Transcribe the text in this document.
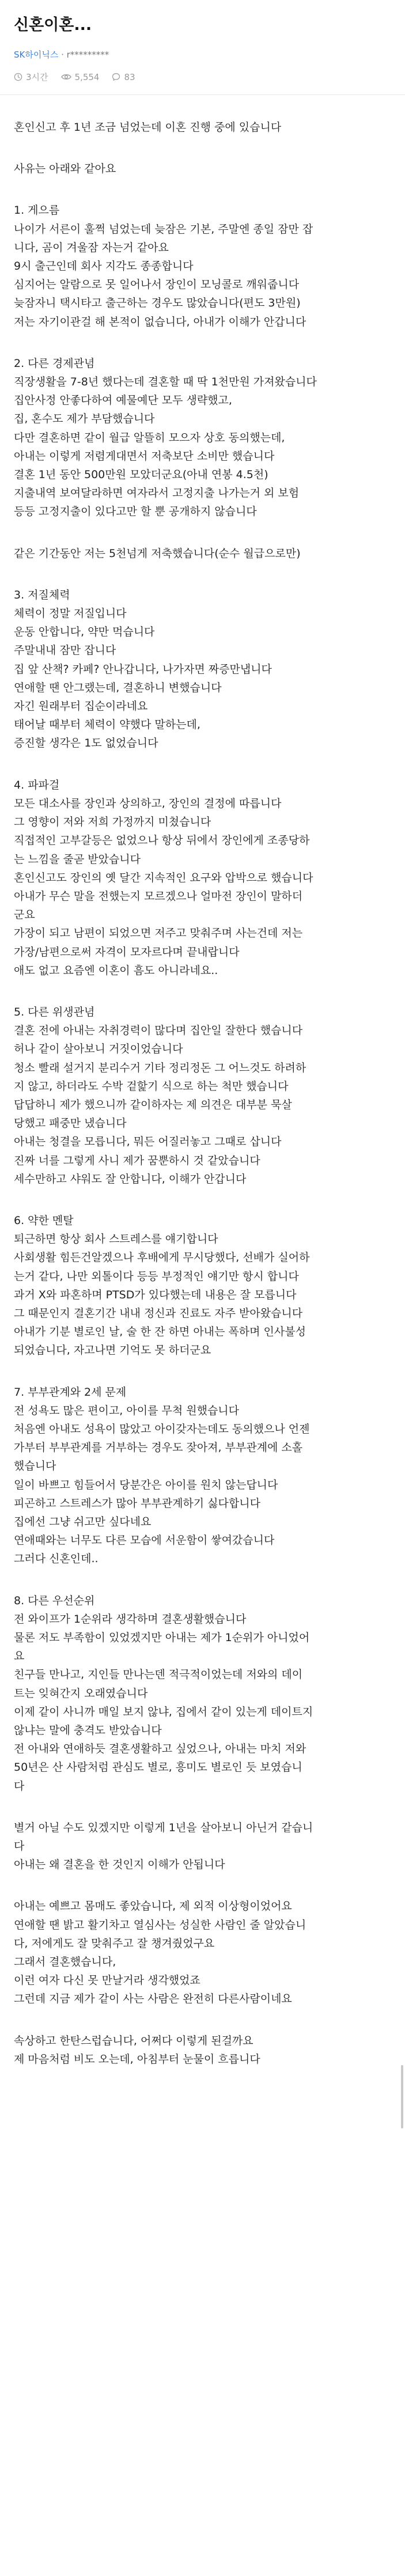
신혼이혼...
SK하이닉스 · r*********
3시간	5,554	83
혼인신고 후 1년 조금 넘었는데 이혼 진행 중에 있습니다
사유는 아래와 같아요
1. 게으름
나이가 서른이 훌쩍 넘었는데 늦잠은 기본, 주말엔 종일 잠만 잡
니다, 곰이 겨울잠 자는거 같아요
9시 출근인데 회사 지각도 종종합니다
심지어는 알람으로 못 일어나서 장인이 모닝콜로 깨워줍니다
늦잠자니 택시타고 출근하는 경우도 많았습니다(편도 3만원)
저는 자기이관걸 해 본적이 없습니다, 아내가 이해가 안갑니다
2. 다른 경제관념
직장생활을 7-8년 했다는데 결혼할 때 딱 1천만원 가져왔습니다
집안사정 안좋다하여 예물예단 모두 생략했고,
집, 혼수도 제가 부담했습니다
다만 결혼하면 같이 월급 알뜰히 모으자 상호 동의했는데,
아내는 이렇게 저렴게대면서 저축보단 소비만 했습니다
결혼 1년 동안 500만원 모았더군요(아내 연봉 4.5천)
지출내역 보여달라하면 여자라서 고정지출 나가는거 외 보험
등등 고정지출이 있다고만 할 뿐 공개하지 않습니다
같은 기간동안 저는 5천넘게 저축했습니다(순수 월급으로만)
3. 저질체력
체력이 정말 저질입니다
운동 안합니다, 약만 먹습니다
주말내내 잠만 잡니다
집 앞 산책? 카페? 안나갑니다, 나가자면 짜증만냅니다
연애할 땐 안그랬는데, 결혼하니 변했습니다
자긴 원래부터 집순이라네요
태어날 때부터 체력이 약했다 말하는데,
증진할 생각은 1도 없었습니다
4. 파파걸
모든 대소사를 장인과 상의하고, 장인의 결정에 따릅니다
그 영향이 저와 저희 가정까지 미쳤습니다
직접적인 고부갈등은 없었으나 항상 뒤에서 장인에게 조종당하
는 느낌을 줄곧 받았습니다
혼인신고도 장인의 옛 달간 지속적인 요구와 압박으로 했습니다
아내가 무슨 말을 전했는지 모르겠으나 얼마전 장인이 말하더
군요
가장이 되고 남편이 되었으면 저주고 맞춰주며 사는건데 저는
가장/남편으로써 자격이 모자르다며 끝내랍니다
애도 없고 요즘엔 이혼이 흠도 아니라네요..
5. 다른 위생관념
결혼 전에 아내는 자취경력이 많다며 집안일 잘한다 했습니다
허나 같이 살아보니 거짓이었습니다
청소 빨래 설거지 분리수거 기타 정리정돈 그 어느것도 하려하
지 않고, 하더라도 수박 겉핥기 식으로 하는 척만 했습니다
답답하니 제가 했으니까 같이하자는 제 의견은 대부분 묵살
당했고 패중만 냈습니다
아내는 청결을 모릅니다, 뭐든 어질러놓고 그때로 삽니다
진짜 너를 그렇게 사니 제가 꿈뿐하시 것 같았습니다
세수만하고 샤워도 잘 안합니다, 이해가 안갑니다
6. 약한 멘탈
퇴근하면 항상 회사 스트레스를 얘기합니다
사회생활 힘든건알겠으나 후배에게 무시당했다, 선배가 실어하
는거 같다, 나만 외톨이다 등등 부정적인 얘기만 항시 합니다
과거 X와 파혼하며 PTSD가 있다했는데 내용은 잘 모릅니다
그 때문인지 결혼기간 내내 정신과 진료도 자주 받아왔습니다
아내가 기분 별로인 날, 술 한 잔 하면 아내는 폭하며 인사불성
되었습니다, 자고나면 기억도 못 하더군요
7. 부부관계와 2세 문제
전 성욕도 많은 편이고, 아이를 무척 원했습니다
처음엔 아내도 성욕이 많았고 아이갖자는데도 동의했으나 언젠
가부터 부부관계를 거부하는 경우도 잦아져, 부부관계에 소홀
했습니다
일이 바쁘고 힘들어서 당분간은 아이를 원치 않는답니다
피곤하고 스트레스가 많아 부부관계하기 싫다합니다
집에선 그냥 쉬고만 싶다네요
연애때와는 너무도 다른 모습에 서운함이 쌓여갔습니다
그러다 신혼인데..
8. 다른 우선순위
전 와이프가 1순위라 생각하며 결혼생활했습니다
물론 저도 부족함이 있었겠지만 아내는 제가 1순위가 아니었어
요
친구들 만나고, 지인들 만나는덴 적극적이었는데 저와의 데이
트는 잊혀간지 오래였습니다
이제 같이 사니까 매일 보지 않냐, 집에서 같이 있는게 데이트지
않냐는 말에 충격도 받았습니다
전 아내와 연애하듯 결혼생활하고 싶었으나, 아내는 마치 저와
50년은 산 사람처럼 관심도 별로, 흥미도 별로인 듯 보였습니
다
별거 아닐 수도 있겠지만 이렇게 1년을 살아보니 아닌거 같습니
다
아내는 왜 결혼을 한 것인지 이해가 안됩니다
아내는 예쁘고 몸매도 좋았습니다, 제 외적 이상형이었어요
연애할 땐 밝고 활기차고 열심사는 성실한 사람인 줄 알았습니
다, 저에게도 잘 맞춰주고 잘 챙겨줬었구요
그래서 결혼했습니다,
이런 여자 다신 못 만날거라 생각했었죠
그런데 지금 제가 같이 사는 사람은 완전히 다른사람이네요
속상하고 한탄스럽습니다, 어쩌다 이렇게 된걸까요
제 마음처럼 비도 오는데, 아침부터 눈물이 흐릅니다
